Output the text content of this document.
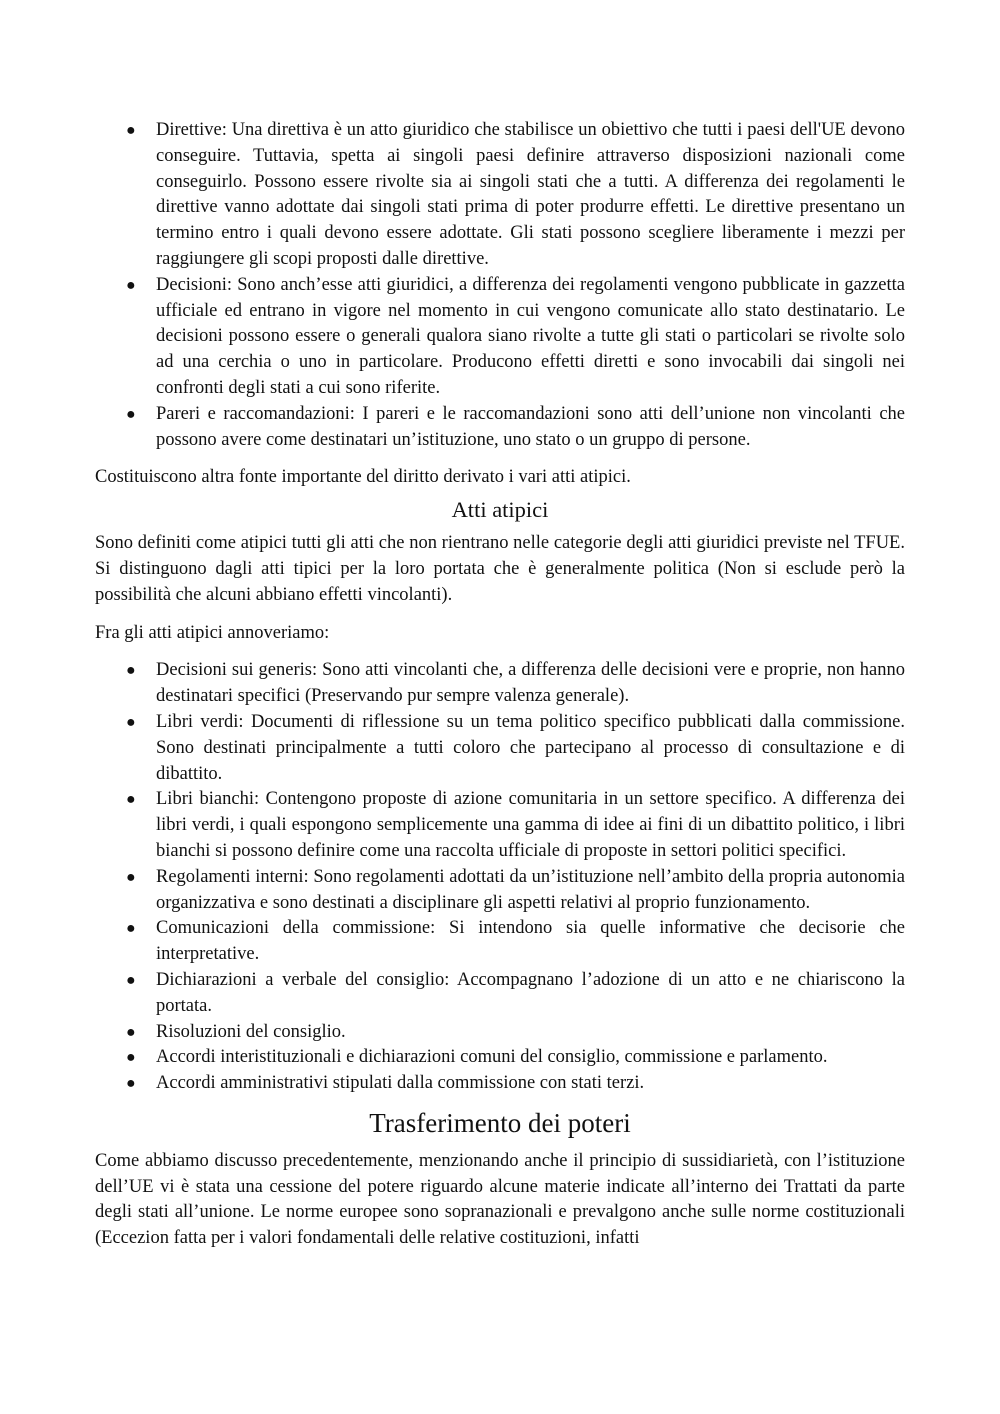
● Direttive: Una direttiva è un atto giuridico che stabilisce un obiettivo che tutti i paesi dell'UE devono conseguire. Tuttavia, spetta ai singoli paesi definire attraverso disposizioni nazionali come conseguirlo. Possono essere rivolte sia ai singoli stati che a tutti. A differenza dei regolamenti le direttive vanno adottate dai singoli stati prima di poter produrre effetti. Le direttive presentano un termino entro i quali devono essere adottate. Gli stati possono scegliere liberamente i mezzi per raggiungere gli scopi proposti dalle direttive.
● Decisioni: Sono anch’esse atti giuridici, a differenza dei regolamenti vengono pubblicate in gazzetta ufficiale ed entrano in vigore nel momento in cui vengono comunicate allo stato destinatario. Le decisioni possono essere o generali qualora siano rivolte a tutte gli stati o particolari se rivolte solo ad una cerchia o uno in particolare. Producono effetti diretti e sono invocabili dai singoli nei confronti degli stati a cui sono riferite.
● Pareri e raccomandazioni: I pareri e le raccomandazioni sono atti dell’unione non vincolanti che possono avere come destinatari un’istituzione, uno stato o un gruppo di persone.

Costituiscono altra fonte importante del diritto derivato i vari atti atipici.

Atti atipici

Sono definiti come atipici tutti gli atti che non rientrano nelle categorie degli atti giuridici previste nel TFUE. Si distinguono dagli atti tipici per la loro portata che è generalmente politica (Non si esclude però la possibilità che alcuni abbiano effetti vincolanti).

Fra gli atti atipici annoveriamo:

● Decisioni sui generis: Sono atti vincolanti che, a differenza delle decisioni vere e proprie, non hanno destinatari specifici (Preservando pur sempre valenza generale).
● Libri verdi: Documenti di riflessione su un tema politico specifico pubblicati dalla commissione. Sono destinati principalmente a tutti coloro che partecipano al processo di consultazione e di dibattito.
● Libri bianchi: Contengono proposte di azione comunitaria in un settore specifico. A differenza dei libri verdi, i quali espongono semplicemente una gamma di idee ai fini di un dibattito politico, i libri bianchi si possono definire come una raccolta ufficiale di proposte in settori politici specifici.
● Regolamenti interni: Sono regolamenti adottati da un’istituzione nell’ambito della propria autonomia organizzativa e sono destinati a disciplinare gli aspetti relativi al proprio funzionamento.
● Comunicazioni della commissione: Si intendono sia quelle informative che decisorie che interpretative.
● Dichiarazioni a verbale del consiglio: Accompagnano l’adozione di un atto e ne chiariscono la portata.
● Risoluzioni del consiglio.
● Accordi interistituzionali e dichiarazioni comuni del consiglio, commissione e parlamento.
● Accordi amministrativi stipulati dalla commissione con stati terzi.
Trasferimento dei poteri

Come abbiamo discusso precedentemente, menzionando anche il principio di sussidiarietà, con l’istituzione dell’UE vi è stata una cessione del potere riguardo alcune materie indicate all’interno dei Trattati da parte degli stati all’unione. Le norme europee sono sopranazionali e prevalgono anche sulle norme costituzionali (Eccezion fatta per i valori fondamentali delle relative costituzioni, infatti
